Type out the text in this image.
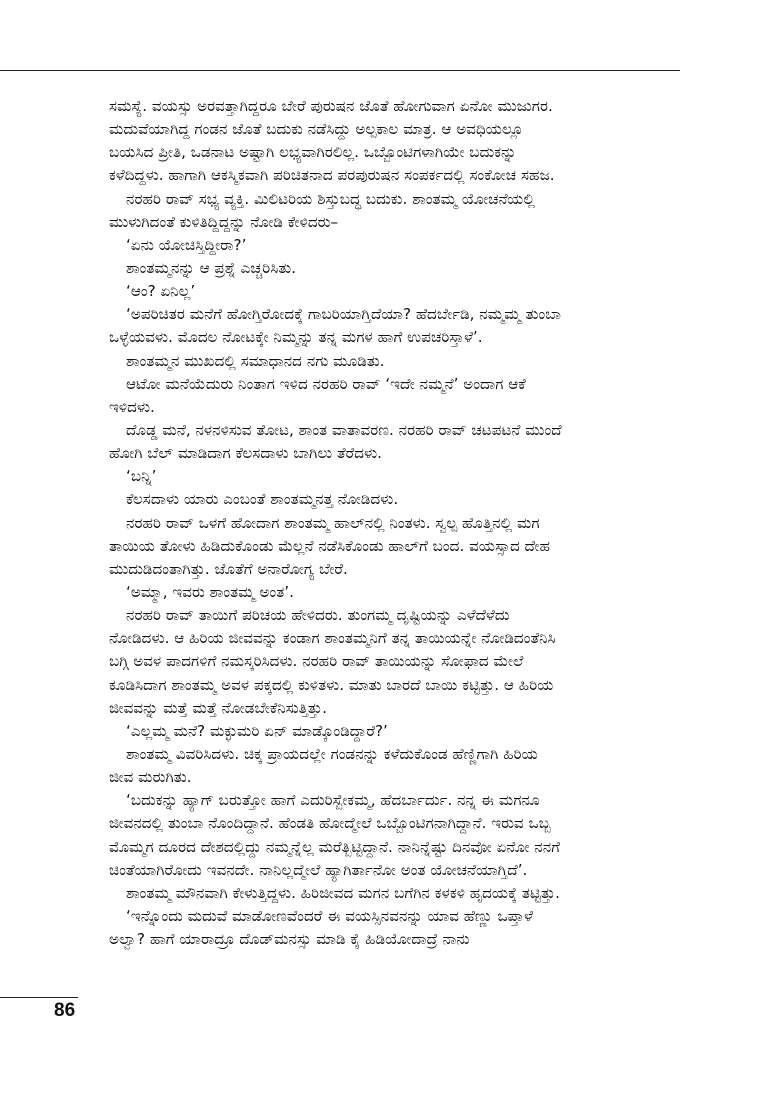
ಸಮಸ್ಯೆ. ವಯಸ್ಸು ಅರವತ್ತಾಗಿದ್ದರೂ ಬೇರೆ ಪುರುಷನ ಜೊತೆ ಹೋಗುವಾಗ ಏನೋ ಮುಜುಗರ.
ಮದುವೆಯಾಗಿದ್ದ ಗಂಡನ ಜೊತೆ ಬದುಕು ನಡೆಸಿದ್ದು ಅಲ್ಪಕಾಲ ಮಾತ್ರ. ಆ ಅವಧಿಯಲ್ಲೂ
ಬಯಸಿದ ಪ್ರೀತಿ, ಒಡನಾಟ ಅಷ್ಟಾಗಿ ಲಭ್ಯವಾಗಿರಲಿಲ್ಲ. ಒಬ್ಬೊಂಟಿಗಳಾಗಿಯೇ ಬದುಕನ್ನು
ಕಳೆದಿದ್ದಳು. ಹಾಗಾಗಿ ಆಕಸ್ಮಿಕವಾಗಿ ಪರಿಚಿತನಾದ ಪರಪುರುಷನ ಸಂಪರ್ಕದಲ್ಲಿ ಸಂಕೋಚ ಸಹಜ.
ನರಹರಿ ರಾವ್ ಸಭ್ಯ ವ್ಯಕ್ತಿ. ಮಿಲಿಟರಿಯ ಶಿಸ್ತುಬದ್ಧ ಬದುಕು. ಶಾಂತಮ್ಮ ಯೋಚನೆಯಲ್ಲಿ
ಮುಳುಗಿದಂತೆ ಕುಳಿತಿದ್ದಿದ್ದನ್ನು ನೋಡಿ ಕೇಳಿದರು–
‘ಏನು ಯೋಚಿಸ್ತಿದ್ದೀರಾ?’
ಶಾಂತಮ್ಮನನ್ನು ಆ ಪ್ರಶ್ನೆ ಎಚ್ಚರಿಸಿತು.
‘ಆಂ? ಏನಿಲ್ಲ’
‘ಅಪರಿಚಿತರ ಮನೆಗೆ ಹೋಗ್ತಿರೋದಕ್ಕೆ ಗಾಬರಿಯಾಗ್ತಿದೆಯಾ? ಹೆದರ್ಬೇಡಿ, ನಮ್ಮಮ್ಮ ತುಂಬಾ
ಒಳ್ಳೆಯವಳು. ಮೊದಲ ನೋಟಕ್ಕೇ ನಿಮ್ಮನ್ನು ತನ್ನ ಮಗಳ ಹಾಗೆ ಉಪಚರಿಸ್ತಾಳೆ’.
ಶಾಂತಮ್ಮನ ಮುಖದಲ್ಲಿ ಸಮಾಧಾನದ ನಗು ಮೂಡಿತು.
ಆಟೋ ಮನೆಯೆದುರು ನಿಂತಾಗ ಇಳಿದ ನರಹರಿ ರಾವ್ ‘ಇದೇ ನಮ್ಮನೆ’ ಅಂದಾಗ ಆಕೆ
ಇಳಿದಳು.
ದೊಡ್ಡ ಮನೆ, ನಳನಳಿಸುವ ತೋಟ, ಶಾಂತ ವಾತಾವರಣ. ನರಹರಿ ರಾವ್ ಚಟಪಟನೆ ಮುಂದೆ
ಹೋಗಿ ಬೆಲ್ ಮಾಡಿದಾಗ ಕೆಲಸದಾಳು ಬಾಗಿಲು ತೆರೆದಳು.
‘ಬನ್ನಿ’
ಕೆಲಸದಾಳು ಯಾರು ಎಂಬಂತೆ ಶಾಂತಮ್ಮನತ್ತ ನೋಡಿದಳು.
ನರಹರಿ ರಾವ್ ಒಳಗೆ ಹೋದಾಗ ಶಾಂತಮ್ಮ ಹಾಲ್‌ನಲ್ಲಿ ನಿಂತಳು. ಸ್ವಲ್ಪ ಹೊತ್ತಿನಲ್ಲಿ ಮಗ
ತಾಯಿಯ ತೋಳು ಹಿಡಿದುಕೊಂಡು ಮೆಲ್ಲನೆ ನಡೆಸಿಕೊಂಡು ಹಾಲ್‌ಗೆ ಬಂದ. ವಯಸ್ಸಾದ ದೇಹ
ಮುದುಡಿದಂತಾಗಿತ್ತು. ಜೊತೆಗೆ ಅನಾರೋಗ್ಯ ಬೇರೆ.
‘ಅಮ್ಮಾ, ಇವರು ಶಾಂತಮ್ಮ ಅಂತ’.
ನರಹರಿ ರಾವ್ ತಾಯಿಗೆ ಪರಿಚಯ ಹೇಳಿದರು. ತುಂಗಮ್ಮ ದೃಷ್ಟಿಯನ್ನು ಎಳೆದೆಳೆದು
ನೋಡಿದಳು. ಆ ಹಿರಿಯ ಜೀವವನ್ನು ಕಂಡಾಗ ಶಾಂತಮ್ಮನಿಗೆ ತನ್ನ ತಾಯಿಯನ್ನೇ ನೋಡಿದಂತೆನಿಸಿ
ಬಗ್ಗಿ ಅವಳ ಪಾದಗಳಿಗೆ ನಮಸ್ಕರಿಸಿದಳು. ನರಹರಿ ರಾವ್ ತಾಯಿಯನ್ನು ಸೋಫಾದ ಮೇಲೆ
ಕೂಡಿಸಿದಾಗ ಶಾಂತಮ್ಮ ಅವಳ ಪಕ್ಕದಲ್ಲಿ ಕುಳಿತಳು. ಮಾತು ಬಾರದೆ ಬಾಯಿ ಕಟ್ಟಿತ್ತು. ಆ ಹಿರಿಯ
ಜೀವವನ್ನು ಮತ್ತೆ ಮತ್ತೆ ನೋಡಬೇಕೆನಿಸುತ್ತಿತ್ತು.
‘ಎಲ್ಲಮ್ಮ ಮನೆ? ಮಕ್ಳುಮರಿ ಏನ್ ಮಾಡ್ಕೊಂಡಿದ್ದಾರೆ?’
ಶಾಂತಮ್ಮ ವಿವರಿಸಿದಳು. ಚಿಕ್ಕ ಪ್ರಾಯದಲ್ಲೇ ಗಂಡನನ್ನು ಕಳೆದುಕೊಂಡ ಹೆಣ್ಣಿಗಾಗಿ ಹಿರಿಯ
ಜೀವ ಮರುಗಿತು.
‘ಬದುಕನ್ನು ಹ್ಯಾಗ್ ಬರುತ್ತೋ ಹಾಗೆ ಎದುರಿಸ್ಬೇಕಮ್ಮ, ಹೆದರ್ಬಾರ್ದು. ನನ್ನ ಈ ಮಗನೂ
ಜೀವನದಲ್ಲಿ ತುಂಬಾ ನೊಂದಿದ್ದಾನೆ. ಹೆಂಡತಿ ಹೋದ್ಮೇಲೆ ಒಬ್ಬೊಂಟಿಗನಾಗಿದ್ದಾನೆ. ಇರುವ ಒಬ್ಬ
ಮೊಮ್ಮಗ ದೂರದ ದೇಶದಲ್ಲಿದ್ದು ನಮ್ಮನ್ನೆಲ್ಲ ಮರೆತ್ಬಿಟ್ಟಿದ್ದಾನೆ. ನಾನಿನ್ನೆಷ್ಟು ದಿನವೋ ಏನೋ ನನಗೆ
ಚಿಂತೆಯಾಗಿರೋದು ಇವನದೇ. ನಾನಿಲ್ಲದ್ಮೇಲೆ ಹ್ಯಾಗಿರ್ತಾನೋ ಅಂತ ಯೋಚನೆಯಾಗ್ತಿದೆ’.
ಶಾಂತಮ್ಮ ಮೌನವಾಗಿ ಕೇಳುತ್ತಿದ್ದಳು. ಹಿರಿಜೀವದ ಮಗನ ಬಗೆಗಿನ ಕಳಕಳಿ ಹೃದಯಕ್ಕೆ ತಟ್ಟಿತ್ತು.
‘ಇನ್ನೊಂದು ಮದುವೆ ಮಾಡೋಣವೆಂದರೆ ಈ ವಯಸ್ಸಿನವನನ್ನು ಯಾವ ಹೆಣ್ಣು ಒಪ್ತಾಳೆ
ಅಲ್ವಾ? ಹಾಗೆ ಯಾರಾದ್ರೂ ದೊಡ್‌ಮನಸ್ಸು ಮಾಡಿ ಕೈ ಹಿಡಿಯೋದಾದ್ರೆ ನಾನು
86
